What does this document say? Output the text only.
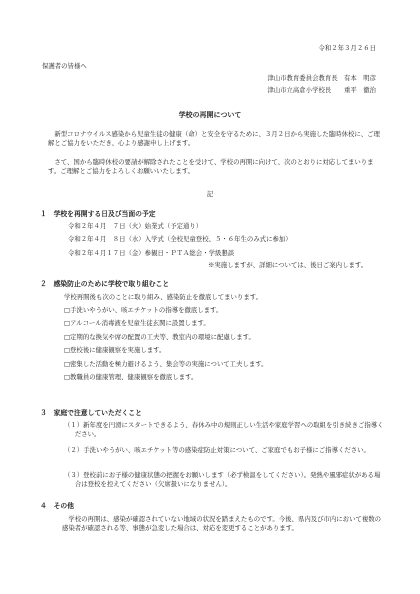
令和２年３月２６日
保護者の皆様へ
津山市教育委員会教育長　有本　明彦
津山市立高倉小学校長　　重平　徹治
学校の再開について
新型コロナウイルス感染から児童生徒の健康（命）と安全を守るために、３月２日から実施した臨時休校に、ご理解とご協力をいただき、心より感謝申し上げます。
さて、国から臨時休校の要請が解除されたことを受けて、学校の再開に向けて、次のとおりに対応してまいります。ご理解とご協力をよろしくお願いいたします。
記
１　学校を再開する日及び当面の予定
令和２年４月　７日（火）始業式（予定通り）
令和２年４月　８日（水）入学式（全校児童登校、５・６年生のみ式に参加）
令和２年４月１７日（金）参観日・ＰＴＡ総会・学級懇談
※実施しますが、詳細については、後日ご案内します。
２　感染防止のために学校で取り組むこと
学校再開後も次のことに取り組み、感染防止を徹底してまいります。
□手洗いやうがい、咳エチケットの指導を徹底します。
□アルコール消毒液を児童生徒玄関に設置します。
□定期的な換気や席の配置の工夫等、教室内の環境に配慮します。
□登校後に健康観察を実施します。
□密集した活動を極力避けるよう、集会等の実施について工夫します。
□教職員の健康管理、健康観察を徹底します。
３　家庭で注意していただくこと
（１）新年度を円滑にスタートできるよう、春休み中の規則正しい生活や家庭学習への取組を引き続きご指導ください。
（２）手洗いやうがい、咳エチケット等の感染症防止対策について、ご家庭でもお子様にご指導ください。
（３）登校前にお子様の健康状態の把握をお願いします（必ず検温をしてください）。発熱や風邪症状がある場合は登校を控えてください（欠席扱いになりません）。
４　その他
学校の再開は、感染が確認されていない地域の状況を踏まえたものです。今後、県内及び市内において複数の感染者が確認される等、事態が急変した場合は、対応を変更することがあります。
